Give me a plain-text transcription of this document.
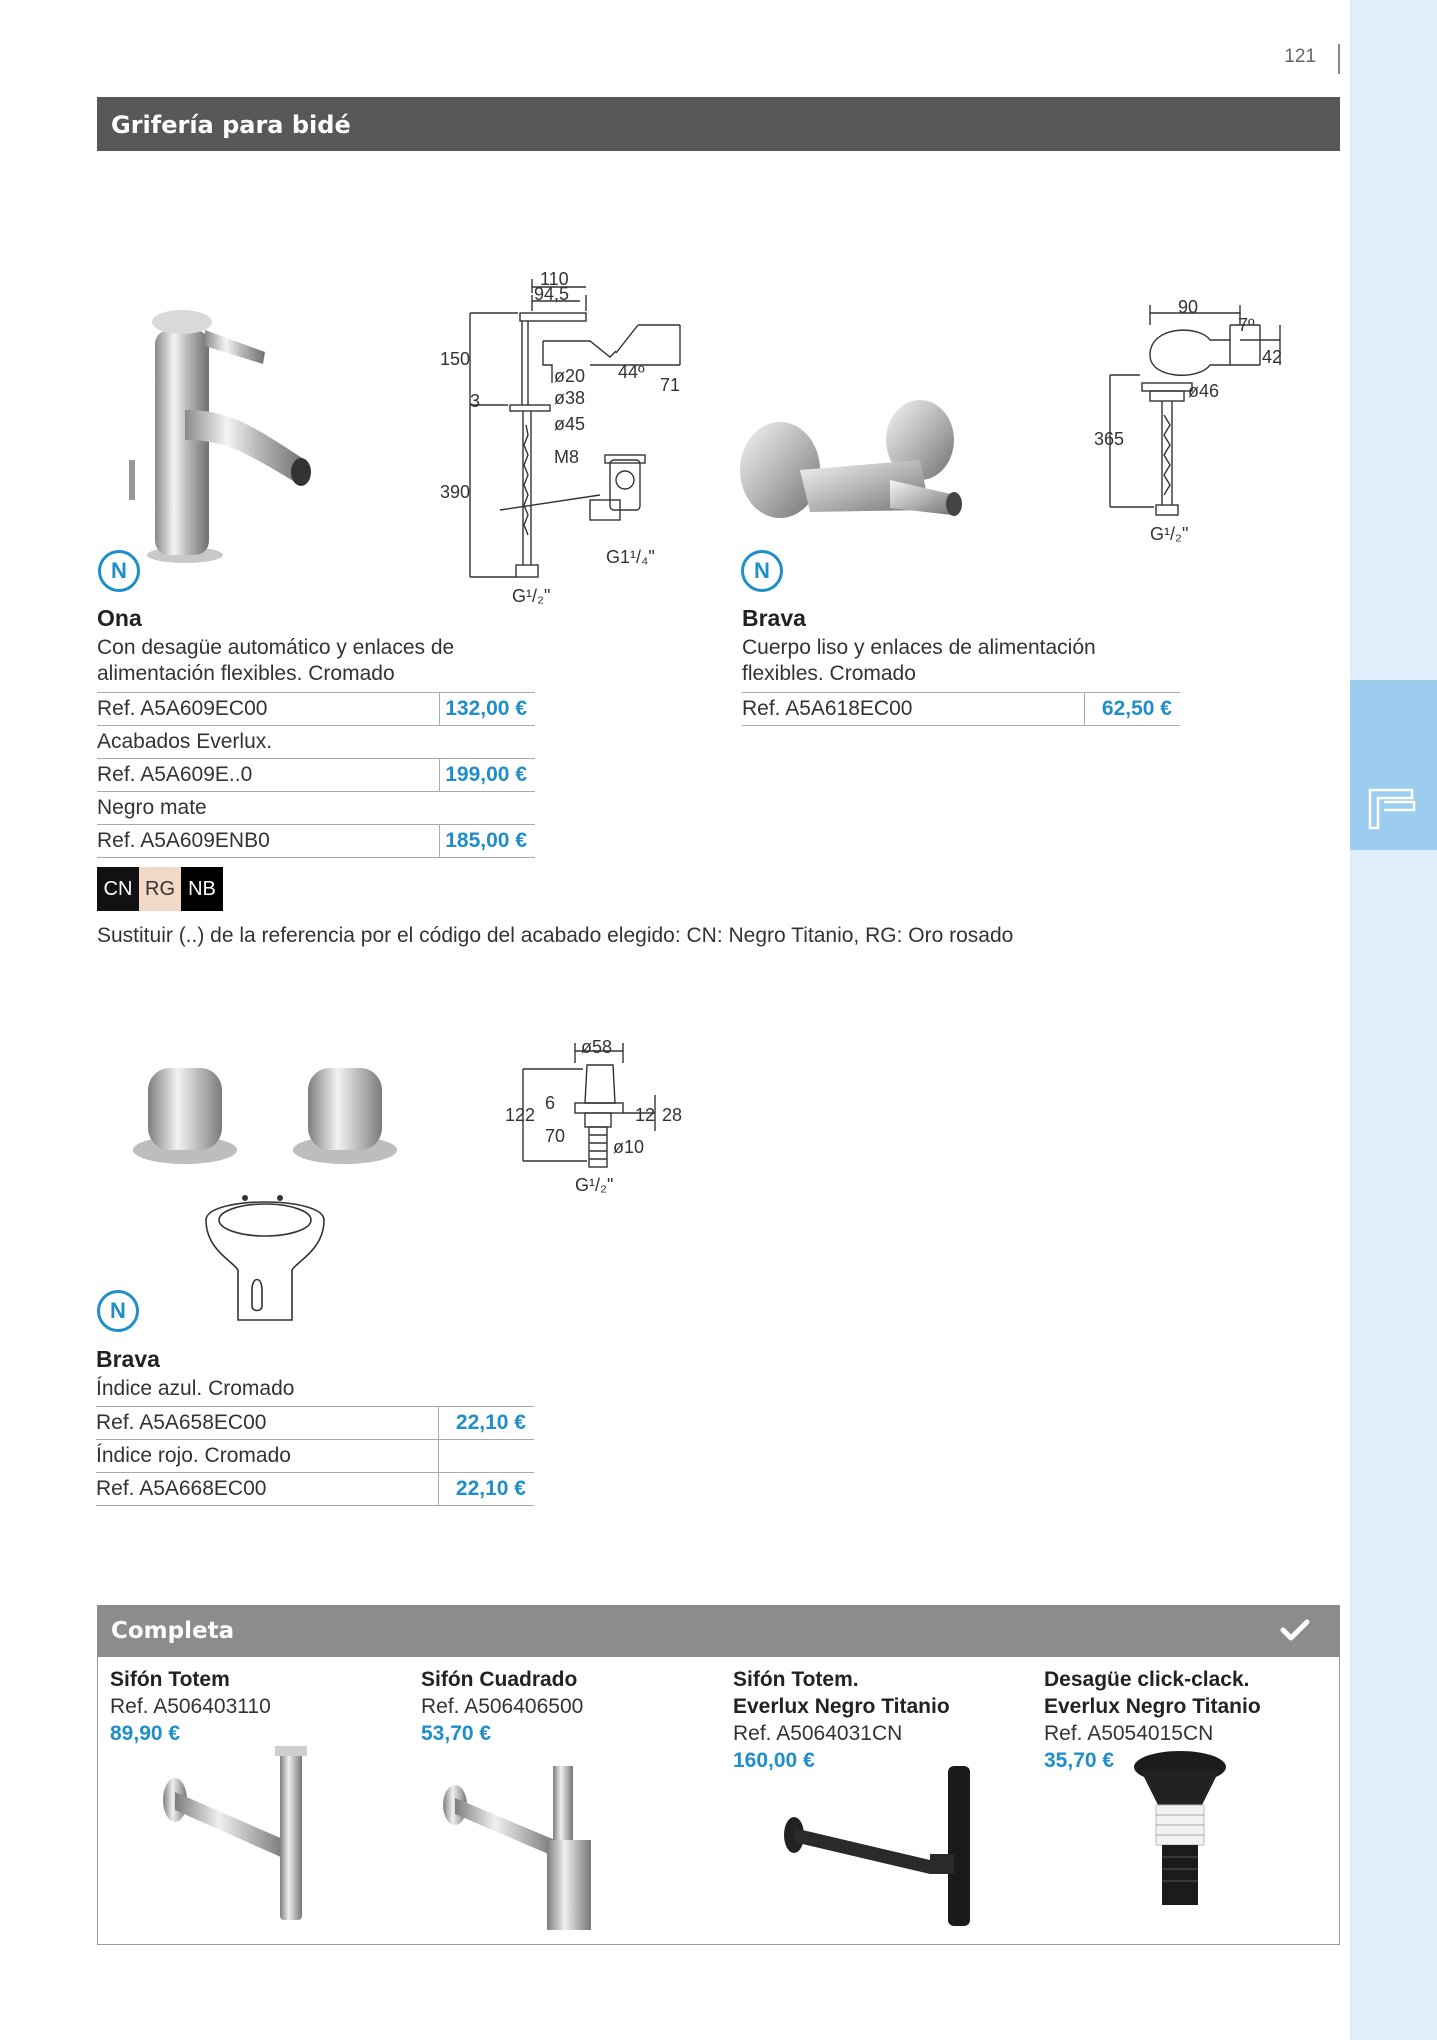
121
Grifería para bidé
110
94,5
150
3
ø20
ø38
ø45
M8
44º
71
390
G1¹/₄"
G¹/₂"
N
Ona
Con desagüe automático y enlaces de alimentación flexibles. Cromado
Ref. A5A609EC00	132,00 €
Acabados Everlux.	
Ref. A5A609E..0	199,00 €
Negro mate	
Ref. A5A609ENB0	185,00 €
CN RG NB
Sustituir (..) de la referencia por el código del acabado elegido: CN: Negro Titanio, RG: Oro rosado
90
7º
42
ø46
365
G¹/₂"
N
Brava
Cuerpo liso y enlaces de alimentación flexibles. Cromado
Ref. A5A618EC00	62,50 €
ø58
122
6
12 28
70
ø10
G¹/₂"
N
Brava
Índice azul. Cromado
Ref. A5A658EC00	22,10 €
Índice rojo. Cromado	
Ref. A5A668EC00	22,10 €
Completa
Sifón Totem
Ref. A506403110
89,90 €
Sifón Cuadrado
Ref. A506406500
53,70 €
Sifón Totem.
Everlux Negro Titanio
Ref. A5064031CN
160,00 €
Desagüe click-clack.
Everlux Negro Titanio
Ref. A5054015CN
35,70 €
